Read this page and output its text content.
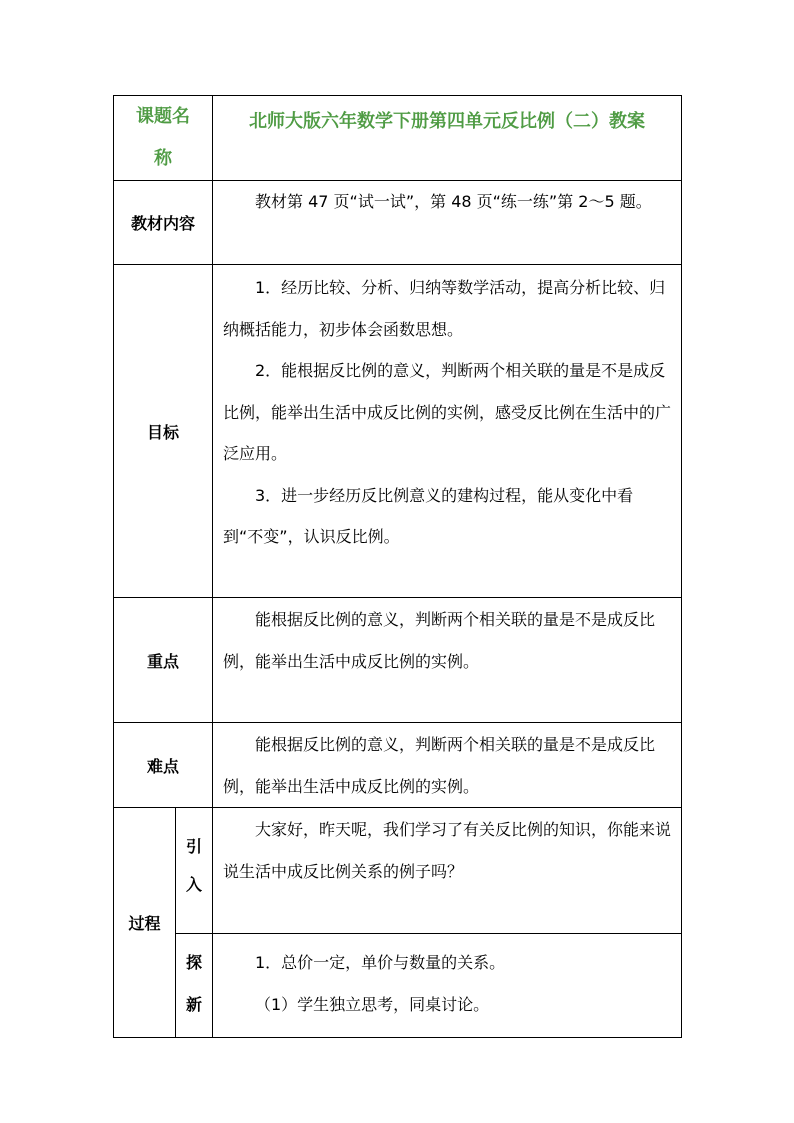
课题名称		北师大版六年数学下册第四单元反比例（二）教案

教材内容		教材第 47 页“试一试”，第 48 页“练一练”第 2～5 题。

目标		1．经历比较、分析、归纳等数学活动，提高分析比较、归纳概括能力，初步体会函数思想。

2．能根据反比例的意义，判断两个相关联的量是不是成反比例，能举出生活中成反比例的实例，感受反比例在生活中的广泛应用。

3．进一步经历反比例意义的建构过程，能从变化中看到“不变”，认识反比例。

重点		能根据反比例的意义，判断两个相关联的量是不是成反比例，能举出生活中成反比例的实例。

难点		能根据反比例的意义，判断两个相关联的量是不是成反比例，能举出生活中成反比例的实例。

过程	引入	大家好，昨天呢，我们学习了有关反比例的知识，你能来说说生活中成反比例关系的例子吗？

	探新	1．总价一定，单价与数量的关系。

（1）学生独立思考，同桌讨论。
